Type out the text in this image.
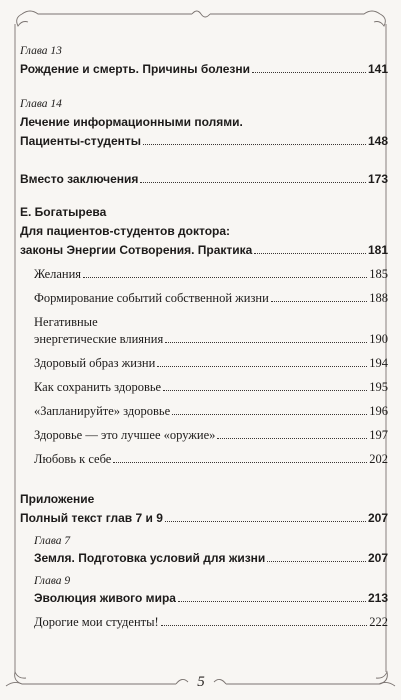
· · · · · · · · · · · · · · · · · · · · · · · · · · · ·
· · · · · · · · · · · · · · · · · · · · · · · · · · ·

Глава 13

Рождение и смерть. Причины болезни	141

Глава 14

Лечение информационными полями.
Пациенты-студенты	148
Вместо заключения	173
Е. Богатырева
Для пациентов-студентов доктора:
законы Энергии Сотворения. Практика	181
Желания	185
Формирование событий собственной жизни	188
Негативные
энергетические влияния	190
Здоровый образ жизни	194
Как сохранить здоровье	195
«Запланируйте» здоровье	196
Здоровье — это лучшее «оружие»	197
Любовь к себе	202
Приложение
Полный текст глав 7 и 9	207

Глава 7

Земля. Подготовка условий для жизни	207

Глава 9

Эволюция живого мира	213
Дорогие мои студенты!	222
5
